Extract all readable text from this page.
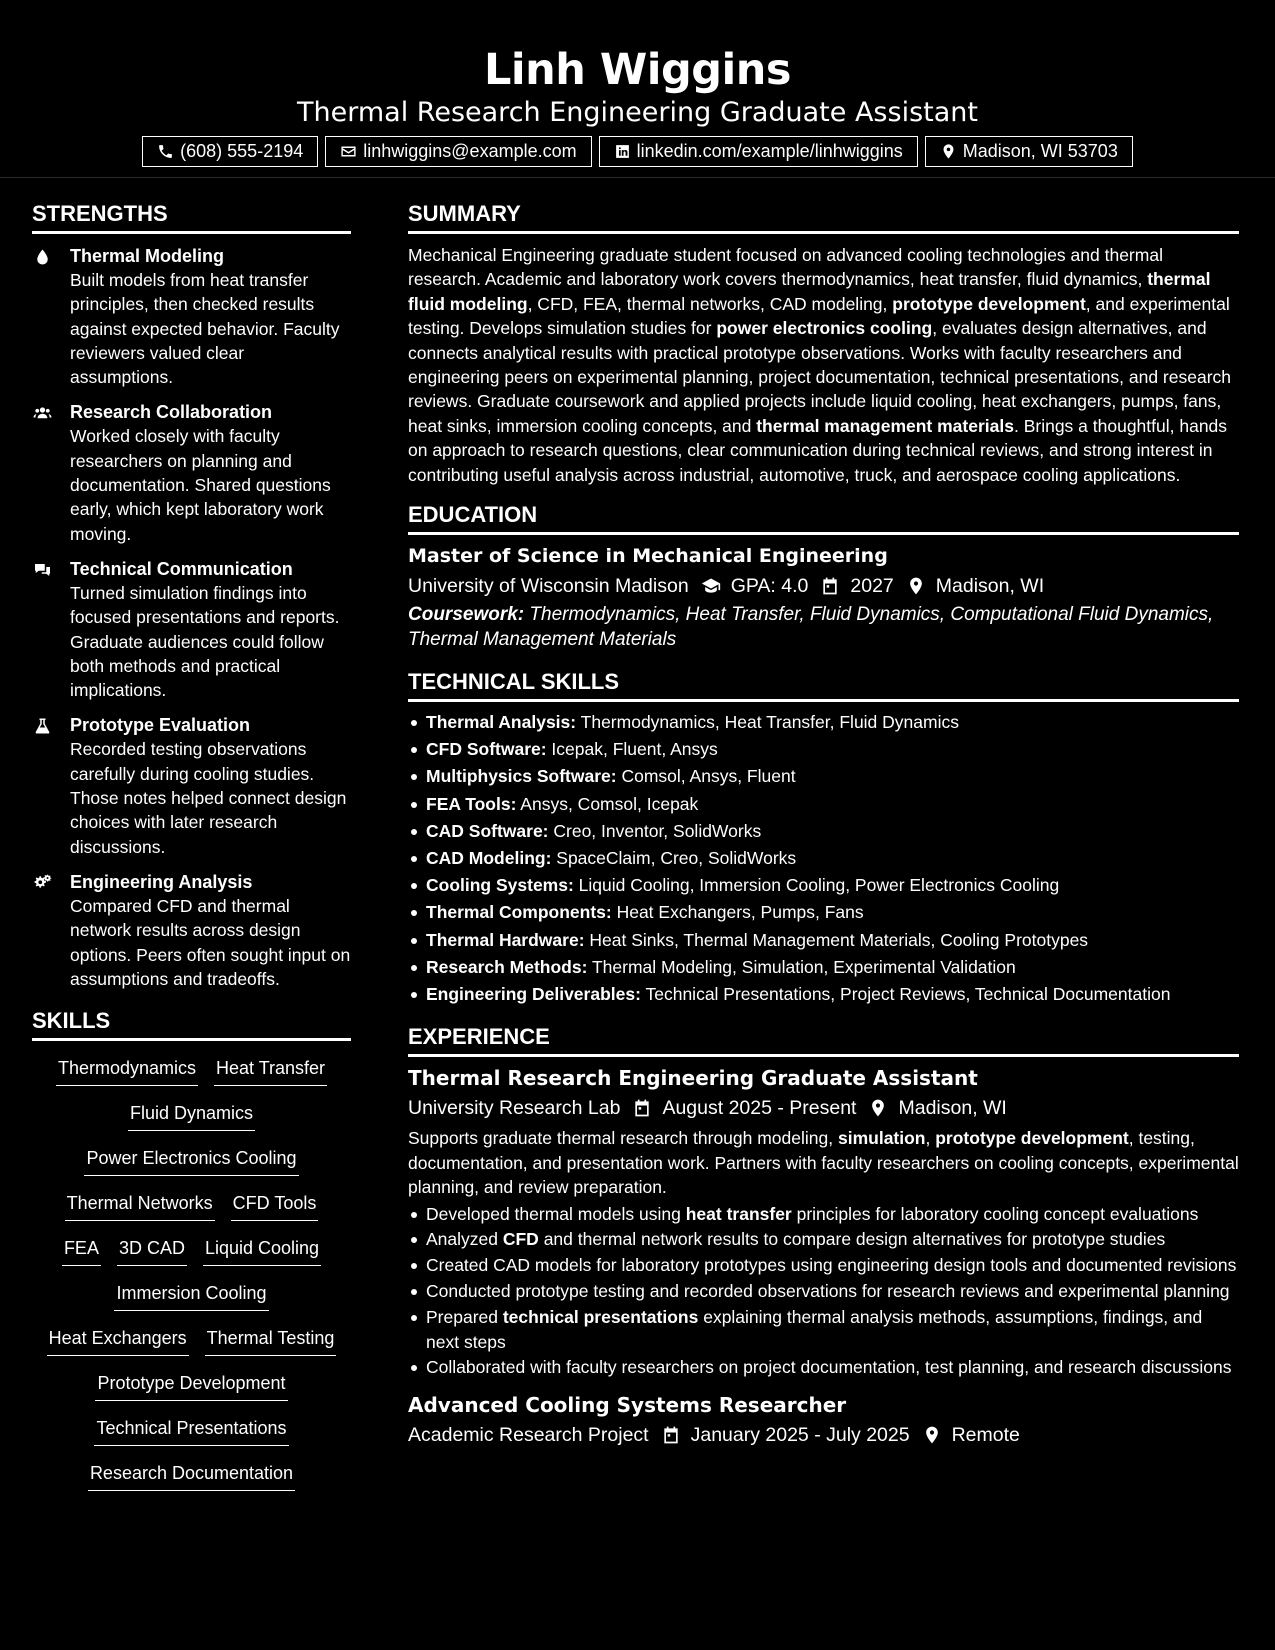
Linh Wiggins
Thermal Research Engineering Graduate Assistant
(608) 555-2194	linhwiggins@example.com	linkedin.com/example/linhwiggins	Madison, WI 53703
STRENGTHS
Thermal Modeling
Built models from heat transfer principles, then checked results against expected behavior. Faculty reviewers valued clear assumptions.
Research Collaboration
Worked closely with faculty researchers on planning and documentation. Shared questions early, which kept laboratory work moving.
Technical Communication
Turned simulation findings into focused presentations and reports. Graduate audiences could follow both methods and practical implications.
Prototype Evaluation
Recorded testing observations carefully during cooling studies. Those notes helped connect design choices with later research discussions.
Engineering Analysis
Compared CFD and thermal network results across design options. Peers often sought input on assumptions and tradeoffs.
SKILLS
Thermodynamics Heat Transfer
Fluid Dynamics
Power Electronics Cooling
Thermal Networks CFD Tools
FEA 3D CAD Liquid Cooling
Immersion Cooling
Heat Exchangers Thermal Testing
Prototype Development
Technical Presentations
Research Documentation
SUMMARY
Mechanical Engineering graduate student focused on advanced cooling technologies and thermal research. Academic and laboratory work covers thermodynamics, heat transfer, fluid dynamics, thermal fluid modeling, CFD, FEA, thermal networks, CAD modeling, prototype development, and experimental testing. Develops simulation studies for power electronics cooling, evaluates design alternatives, and connects analytical results with practical prototype observations. Works with faculty researchers and engineering peers on experimental planning, project documentation, technical presentations, and research reviews. Graduate coursework and applied projects include liquid cooling, heat exchangers, pumps, fans, heat sinks, immersion cooling concepts, and thermal management materials. Brings a thoughtful, hands on approach to research questions, clear communication during technical reviews, and strong interest in contributing useful analysis across industrial, automotive, truck, and aerospace cooling applications.
EDUCATION
Master of Science in Mechanical Engineering
University of Wisconsin Madison GPA: 4.0 2027 Madison, WI
Coursework: Thermodynamics, Heat Transfer, Fluid Dynamics, Computational Fluid Dynamics, Thermal Management Materials
TECHNICAL SKILLS
Thermal Analysis: Thermodynamics, Heat Transfer, Fluid Dynamics
CFD Software: Icepak, Fluent, Ansys
Multiphysics Software: Comsol, Ansys, Fluent
FEA Tools: Ansys, Comsol, Icepak
CAD Software: Creo, Inventor, SolidWorks
CAD Modeling: SpaceClaim, Creo, SolidWorks
Cooling Systems: Liquid Cooling, Immersion Cooling, Power Electronics Cooling
Thermal Components: Heat Exchangers, Pumps, Fans
Thermal Hardware: Heat Sinks, Thermal Management Materials, Cooling Prototypes
Research Methods: Thermal Modeling, Simulation, Experimental Validation
Engineering Deliverables: Technical Presentations, Project Reviews, Technical Documentation
EXPERIENCE
Thermal Research Engineering Graduate Assistant
University Research Lab August 2025 - Present Madison, WI
Supports graduate thermal research through modeling, simulation, prototype development, testing, documentation, and presentation work. Partners with faculty researchers on cooling concepts, experimental planning, and review preparation.
Developed thermal models using heat transfer principles for laboratory cooling concept evaluations
Analyzed CFD and thermal network results to compare design alternatives for prototype studies
Created CAD models for laboratory prototypes using engineering design tools and documented revisions
Conducted prototype testing and recorded observations for research reviews and experimental planning
Prepared technical presentations explaining thermal analysis methods, assumptions, findings, and next steps
Collaborated with faculty researchers on project documentation, test planning, and research discussions
Advanced Cooling Systems Researcher
Academic Research Project January 2025 - July 2025 Remote
